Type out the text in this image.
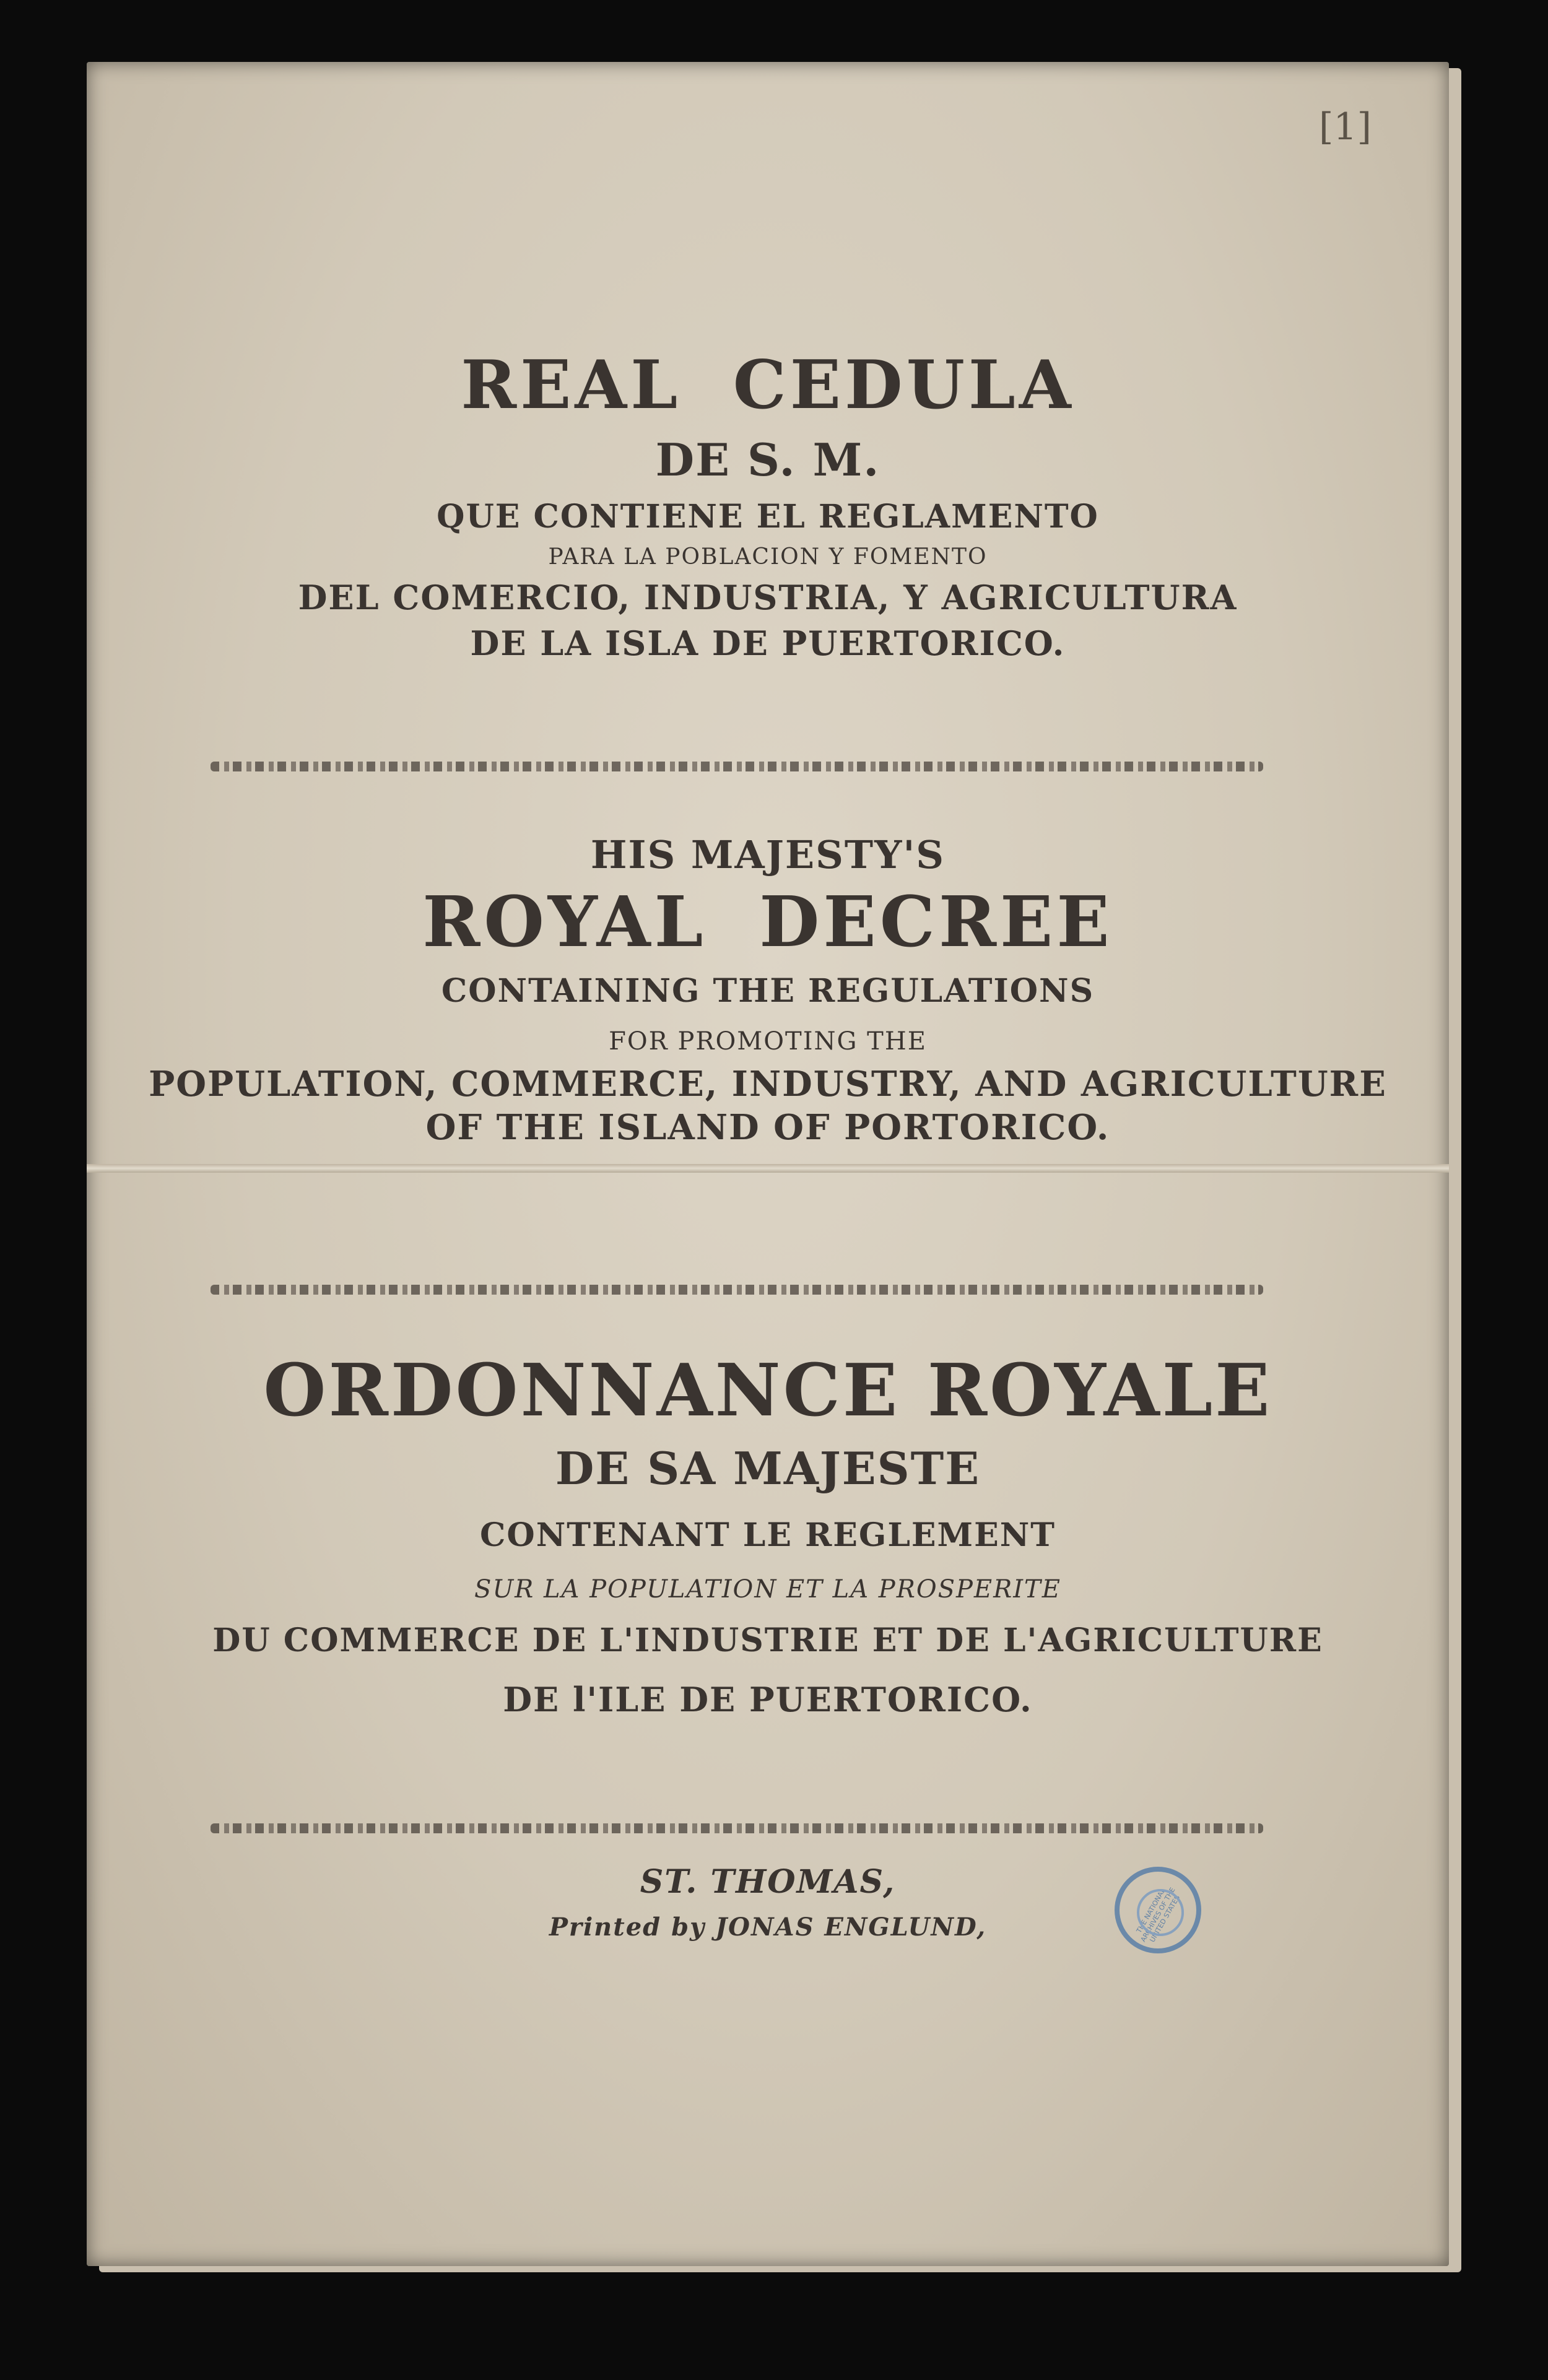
[1]
REAL CEDULA
DE S. M.
QUE CONTIENE EL REGLAMENTO
PARA LA POBLACION Y FOMENTO
DEL COMERCIO, INDUSTRIA, Y AGRICULTURA
DE LA ISLA DE PUERTORICO.
HIS MAJESTY'S
ROYAL DECREE
CONTAINING THE REGULATIONS
FOR PROMOTING THE
POPULATION, COMMERCE, INDUSTRY, AND AGRICULTURE
OF THE ISLAND OF PORTORICO.
ORDONNANCE ROYALE
DE SA MAJESTE
CONTENANT LE REGLEMENT
SUR LA POPULATION ET LA PROSPERITE
DU COMMERCE DE L'INDUSTRIE ET DE L'AGRICULTURE
DE l'ILE DE PUERTORICO.
ST. THOMAS,
Printed by JONAS ENGLUND,	THE NATIONAL ARCHIVES OF THE UNITED STATES
